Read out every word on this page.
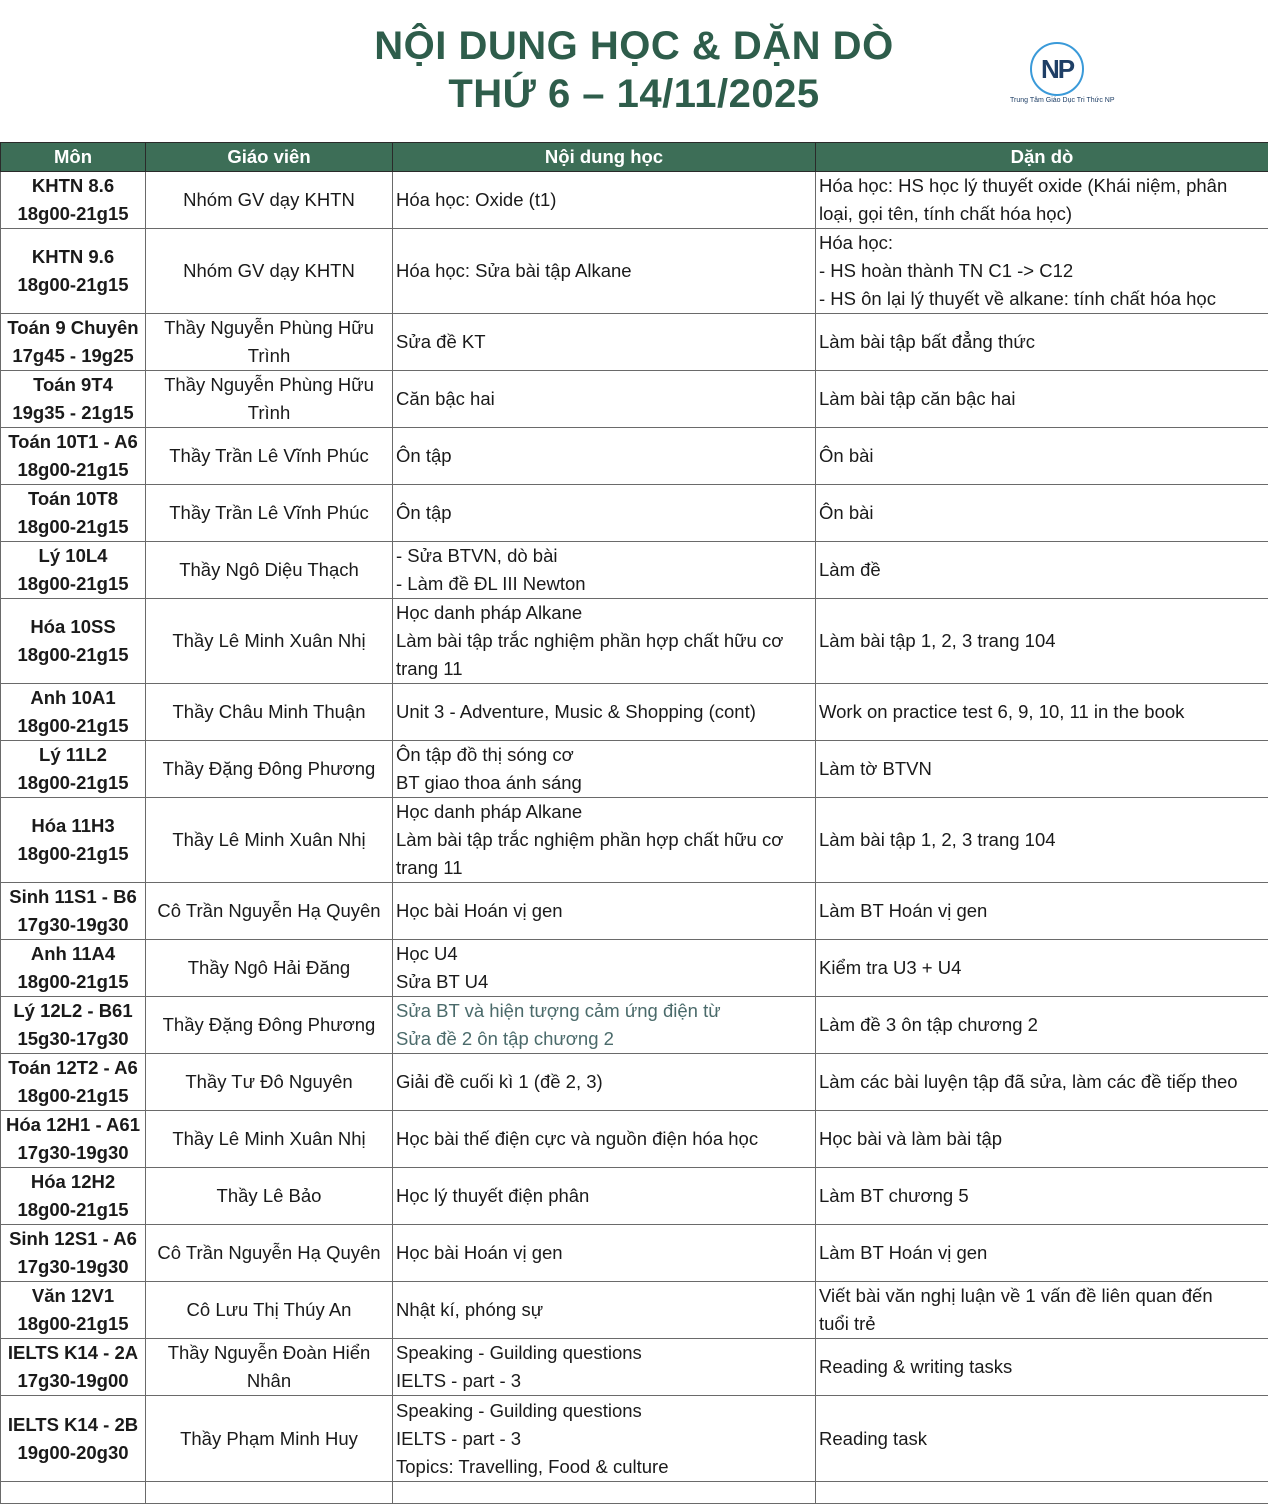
NỘI DUNG HỌC & DẶN DÒ
THỨ 6 – 14/11/2025
NP
Trung Tâm Giáo Dục Tri Thức NP
Môn	Giáo viên	Nội dung học	Dặn dò

KHTN 8.6
18g00-21g15	Nhóm GV dạy KHTN	Hóa học: Oxide (t1)	Hóa học: HS học lý thuyết oxide (Khái niệm, phân
loại, gọi tên, tính chất hóa học)

KHTN 9.6
18g00-21g15	Nhóm GV dạy KHTN	Hóa học: Sửa bài tập Alkane	Hóa học:
- HS hoàn thành TN C1 -> C12
- HS ôn lại lý thuyết về alkane: tính chất hóa học

Toán 9 Chuyên
17g45 - 19g25	Thầy Nguyễn Phùng Hữu
Trình	Sửa đề KT	Làm bài tập bất đẳng thức

Toán 9T4
19g35 - 21g15	Thầy Nguyễn Phùng Hữu
Trình	Căn bậc hai	Làm bài tập căn bậc hai

Toán 10T1 - A6
18g00-21g15	Thầy Trần Lê Vĩnh Phúc	Ôn tập	Ôn bài

Toán 10T8
18g00-21g15	Thầy Trần Lê Vĩnh Phúc	Ôn tập	Ôn bài

Lý 10L4
18g00-21g15	Thầy Ngô Diệu Thạch	- Sửa BTVN, dò bài
- Làm đề ĐL III Newton	Làm đề

Hóa 10SS
18g00-21g15	Thầy Lê Minh Xuân Nhị	Học danh pháp Alkane
Làm bài tập trắc nghiệm phần hợp chất hữu cơ
trang 11	Làm bài tập 1, 2, 3 trang 104

Anh 10A1
18g00-21g15	Thầy Châu Minh Thuận	Unit 3 - Adventure, Music & Shopping (cont)	Work on practice test 6, 9, 10, 11 in the book

Lý 11L2
18g00-21g15	Thầy Đặng Đông Phương	Ôn tập đồ thị sóng cơ
BT giao thoa ánh sáng	Làm tờ BTVN

Hóa 11H3
18g00-21g15	Thầy Lê Minh Xuân Nhị	Học danh pháp Alkane
Làm bài tập trắc nghiệm phần hợp chất hữu cơ
trang 11	Làm bài tập 1, 2, 3 trang 104

Sinh 11S1 - B6
17g30-19g30	Cô Trần Nguyễn Hạ Quyên	Học bài Hoán vị gen	Làm BT Hoán vị gen

Anh 11A4
18g00-21g15	Thầy Ngô Hải Đăng	Học U4
Sửa BT U4	Kiểm tra U3 + U4

Lý 12L2 - B61
15g30-17g30	Thầy Đặng Đông Phương	Sửa BT và hiện tượng cảm ứng điện từ
Sửa đề 2 ôn tập chương 2	Làm đề 3 ôn tập chương 2

Toán 12T2 - A6
18g00-21g15	Thầy Tư Đô Nguyên	Giải đề cuối kì 1 (đề 2, 3)	Làm các bài luyện tập đã sửa, làm các đề tiếp theo

Hóa 12H1 - A61
17g30-19g30	Thầy Lê Minh Xuân Nhị	Học bài thế điện cực và nguồn điện hóa học	Học bài và làm bài tập

Hóa 12H2
18g00-21g15	Thầy Lê Bảo	Học lý thuyết điện phân	Làm BT chương 5

Sinh 12S1 - A6
17g30-19g30	Cô Trần Nguyễn Hạ Quyên	Học bài Hoán vị gen	Làm BT Hoán vị gen

Văn 12V1
18g00-21g15	Cô Lưu Thị Thúy An	Nhật kí, phóng sự	Viết bài văn nghị luận về 1 vấn đề liên quan đến
tuổi trẻ

IELTS K14 - 2A
17g30-19g00	Thầy Nguyễn Đoàn Hiển
Nhân	Speaking - Guilding questions
IELTS - part - 3	Reading & writing tasks

IELTS K14 - 2B
19g00-20g30	Thầy Phạm Minh Huy	Speaking - Guilding questions
IELTS - part - 3
Topics: Travelling, Food & culture	Reading task
